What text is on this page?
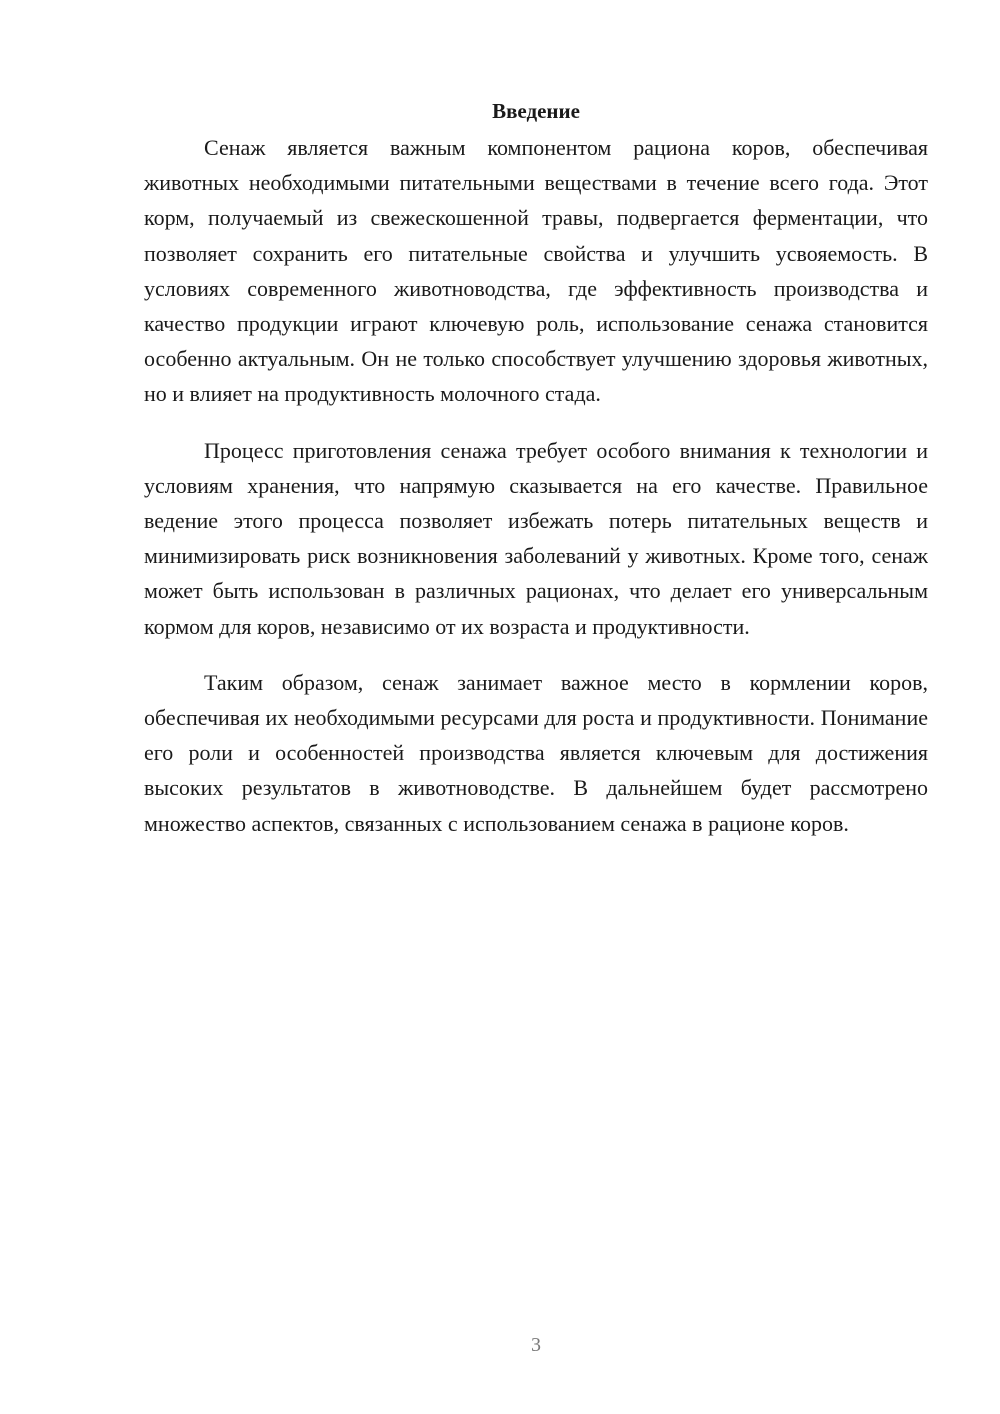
Введение

Сенаж является важным компонентом рациона коров, обеспечивая животных необходимыми питательными веществами в течение всего года. Этот корм, получаемый из свежескошенной травы, подвергается ферментации, что позволяет сохранить его питательные свойства и улучшить усвояемость. В условиях современного животноводства, где эффективность производства и качество продукции играют ключевую роль, использование сенажа становится особенно актуальным. Он не только способствует улучшению здоровья животных, но и влияет на продуктивность молочного стада.

Процесс приготовления сенажа требует особого внимания к технологии и условиям хранения, что напрямую сказывается на его качестве. Правильное ведение этого процесса позволяет избежать потерь питательных веществ и минимизировать риск возникновения заболеваний у животных. Кроме того, сенаж может быть использован в различных рационах, что делает его универсальным кормом для коров, независимо от их возраста и продуктивности.

Таким образом, сенаж занимает важное место в кормлении коров, обеспечивая их необходимыми ресурсами для роста и продуктивности. Понимание его роли и особенностей производства является ключевым для достижения высоких результатов в животноводстве. В дальнейшем будет рассмотрено множество аспектов, связанных с использованием сенажа в рационе коров.

3
